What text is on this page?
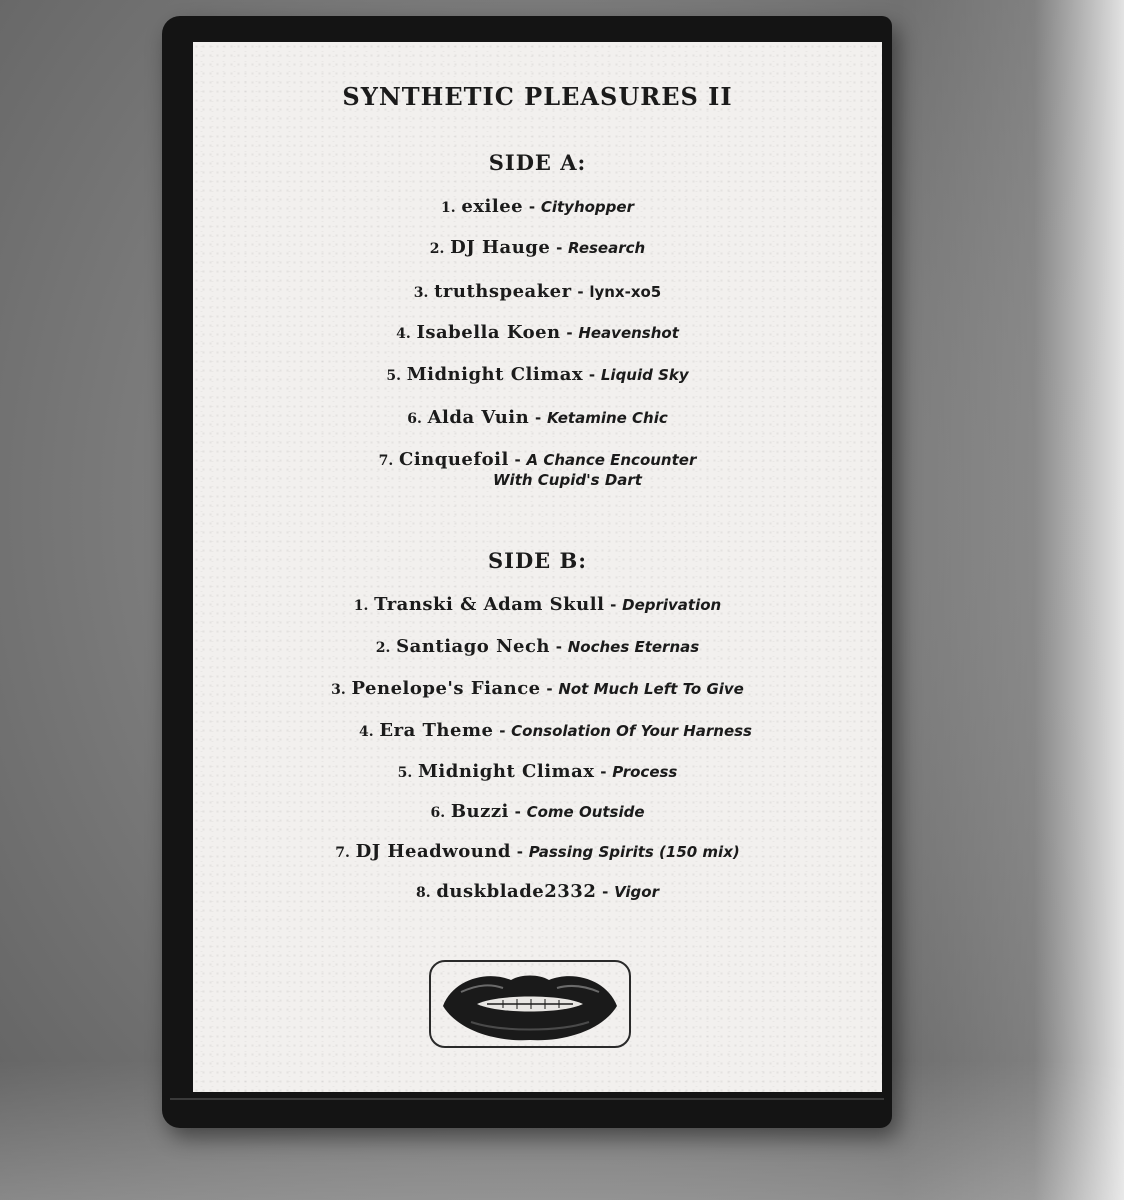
SYNTHETIC PLEASURES II
SIDE A:
1. exilee - Cityhopper
2. DJ Hauge - Research
3. truthspeaker - lynx-xo5
4. Isabella Koen - Heavenshot
5. Midnight Climax - Liquid Sky
6. Alda Vuin - Ketamine Chic
7. Cinquefoil - A Chance Encounter
With Cupid's Dart
SIDE B:
1. Transki & Adam Skull - Deprivation
2. Santiago Nech - Noches Eternas
3. Penelope's Fiance - Not Much Left To Give
4. Era Theme - Consolation Of Your Harness
5. Midnight Climax - Process
6. Buzzi - Come Outside
7. DJ Headwound - Passing Spirits (150 mix)
8. duskblade2332 - Vigor
